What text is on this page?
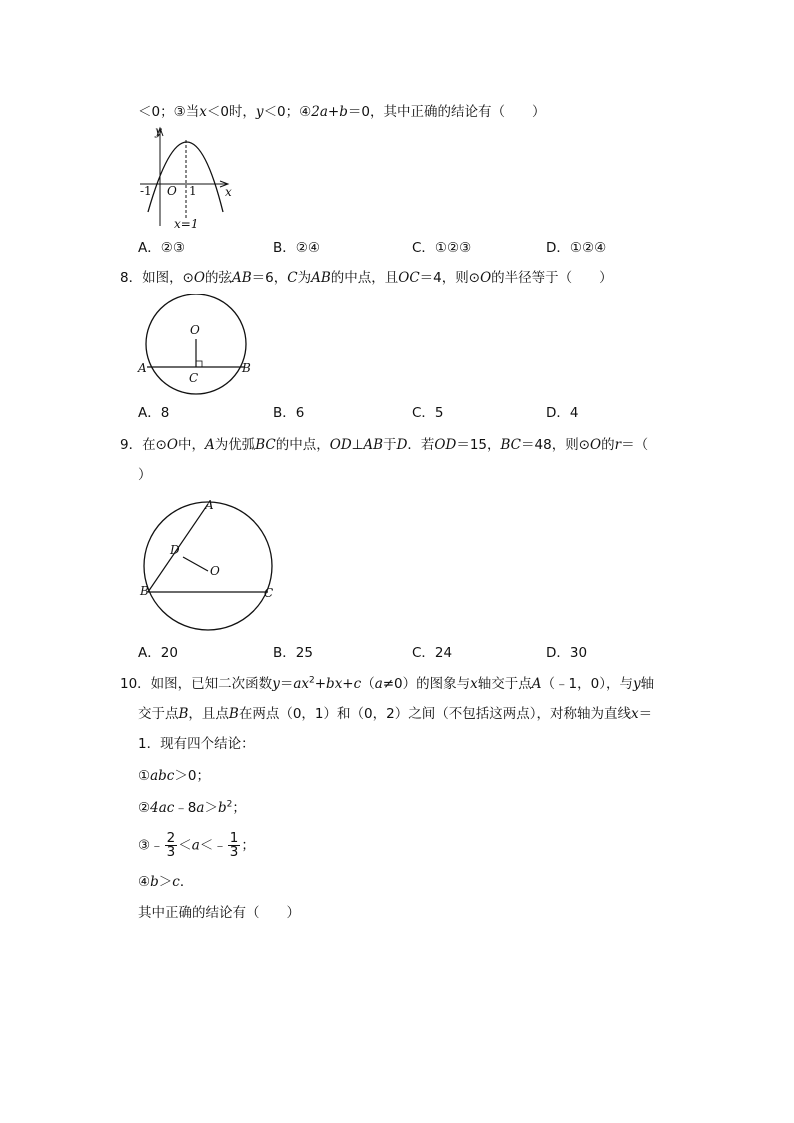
＜0；③当x＜0时，y＜0；④2a+b＝0，其中正确的结论有（　　）
y
x
O
-1	1
x=1
A．②③	B．②④	C．①②③	D．①②④
8．如图，⊙O的弦AB＝6，C为AB的中点，且OC＝4，则⊙O的半径等于（　　）
O
A	B
C
A．8	B．6	C．5	D．4
9．在⊙O中，A为优弧BC的中点，OD⊥AB于D．若OD＝15，BC＝48，则⊙O的r＝（
）
A
B	C
D
O
A．20	B．25	C．24	D．30
10．如图，已知二次函数$y=ax^2+bx+c(a\ne 0)$的图象与x轴交于点A（﹣1，0），与y轴
交于点B，且点B在两点（0，1）和（0，2）之间（不包括这两点），对称轴为直线x＝
1．现有四个结论：
①abc＞0；
$②4ac﹣8a>b^2$；
③﹣ $\frac{2}{3}$ ＜a＜﹣ $\frac{1}{3}$ ；
④b＞c．
其中正确的结论有（　　）
